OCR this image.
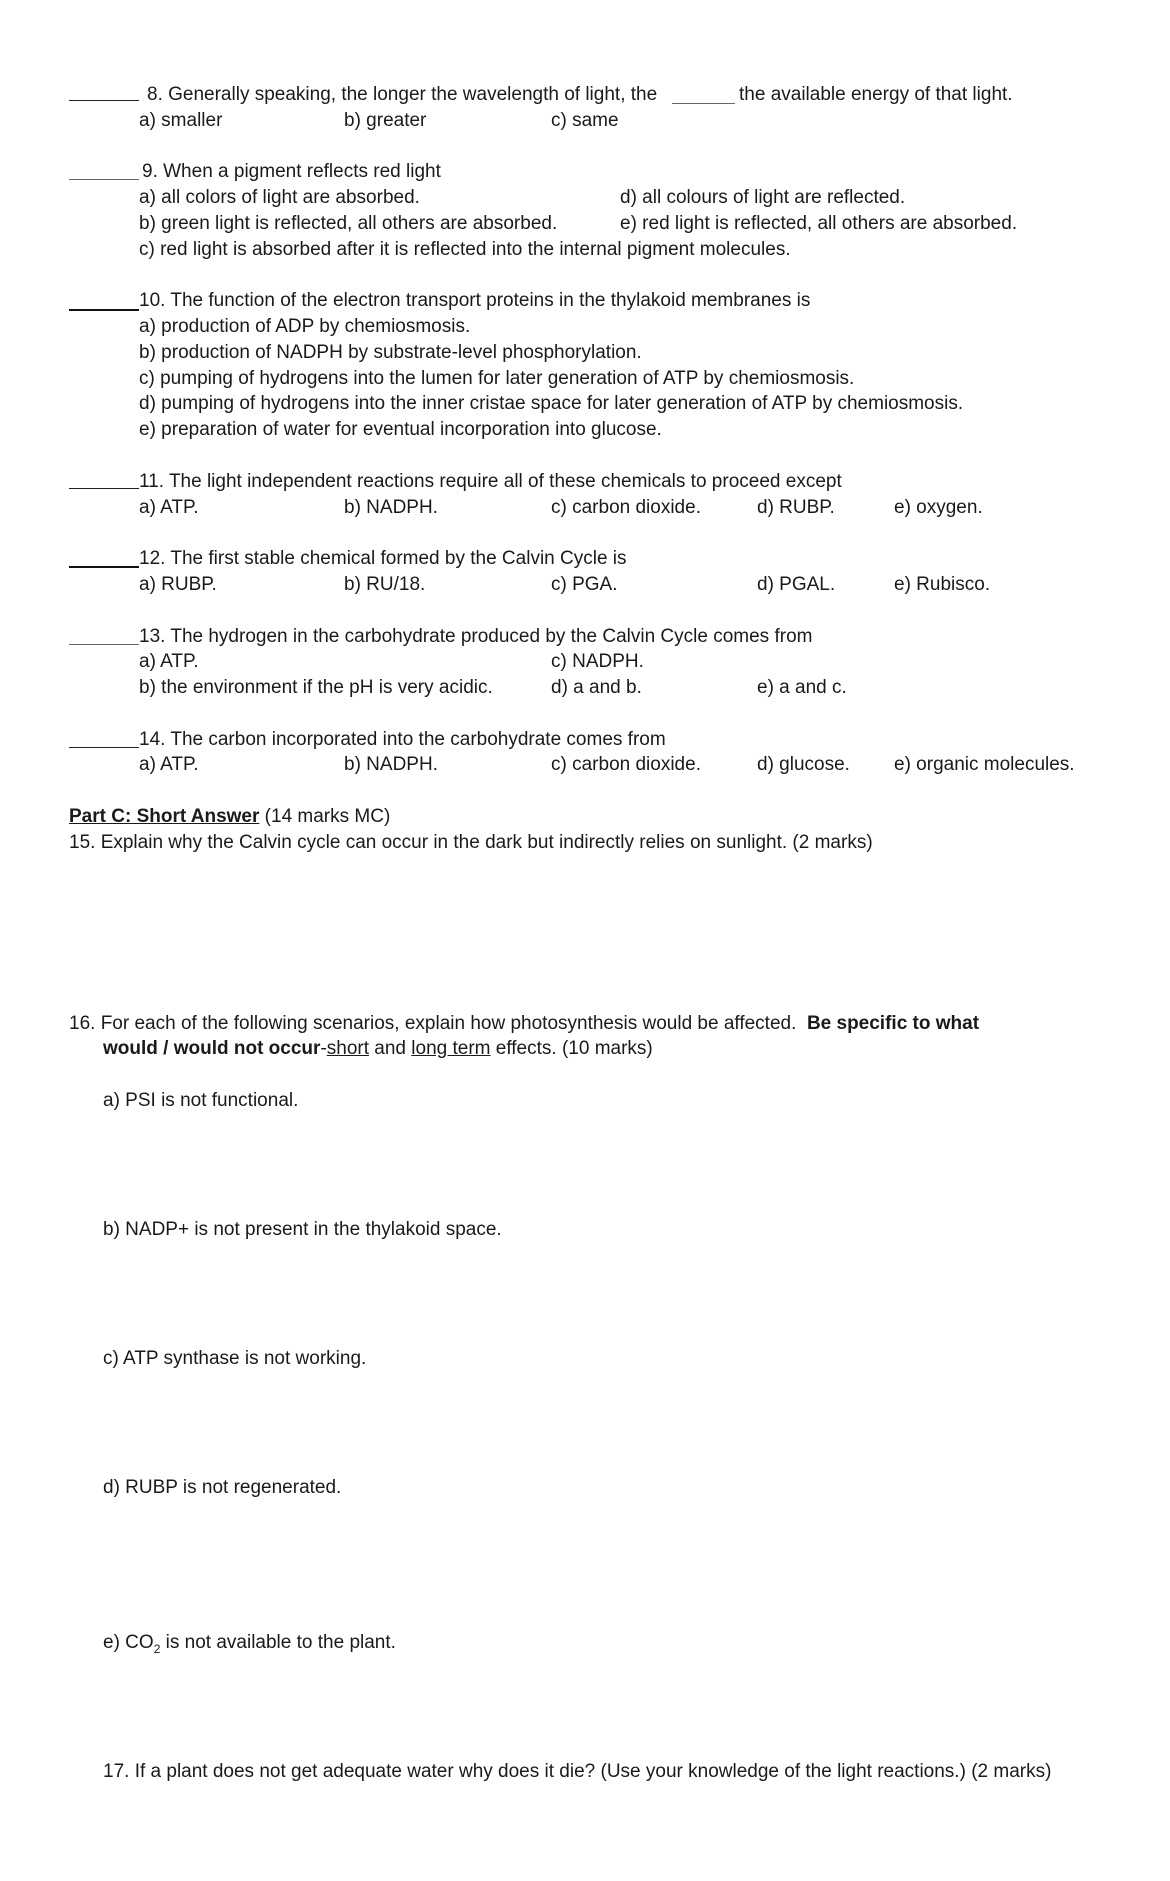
8. Generally speaking, the longer the wavelength of light, the	the available energy of that light.
a) smaller	b) greater	c) same
9. When a pigment reflects red light
a) all colors of light are absorbed.	d) all colours of light are reflected.
b) green light is reflected, all others are absorbed.	e) red light is reflected, all others are absorbed.
c) red light is absorbed after it is reflected into the internal pigment molecules.
10. The function of the electron transport proteins in the thylakoid membranes is
a) production of ADP by chemiosmosis.
b) production of NADPH by substrate-level phosphorylation.
c) pumping of hydrogens into the lumen for later generation of ATP by chemiosmosis.
d) pumping of hydrogens into the inner cristae space for later generation of ATP by chemiosmosis.
e) preparation of water for eventual incorporation into glucose.
11. The light independent reactions require all of these chemicals to proceed except
a) ATP.	b) NADPH.	c) carbon dioxide.	d) RUBP.	e) oxygen.
12. The first stable chemical formed by the Calvin Cycle is
a) RUBP.	b) RU/18.	c) PGA.	d) PGAL.	e) Rubisco.
13. The hydrogen in the carbohydrate produced by the Calvin Cycle comes from
a) ATP.	c) NADPH.
b) the environment if the pH is very acidic.	d) a and b.	e) a and c.
14. The carbon incorporated into the carbohydrate comes from
a) ATP.	b) NADPH.	c) carbon dioxide.	d) glucose. e) organic molecules.
Part C: Short Answer (14 marks MC)
15. Explain why the Calvin cycle can occur in the dark but indirectly relies on sunlight. (2 marks)
16. For each of the following scenarios, explain how photosynthesis would be affected. Be specific to what
would / would not occur-short and long term effects. (10 marks)
a) PSI is not functional.
b) NADP+ is not present in the thylakoid space.
c) ATP synthase is not working.
d) RUBP is not regenerated.
e) $CO_2$ is not available to the plant.
17. If a plant does not get adequate water why does it die? (Use your knowledge of the light reactions.) (2 marks)
